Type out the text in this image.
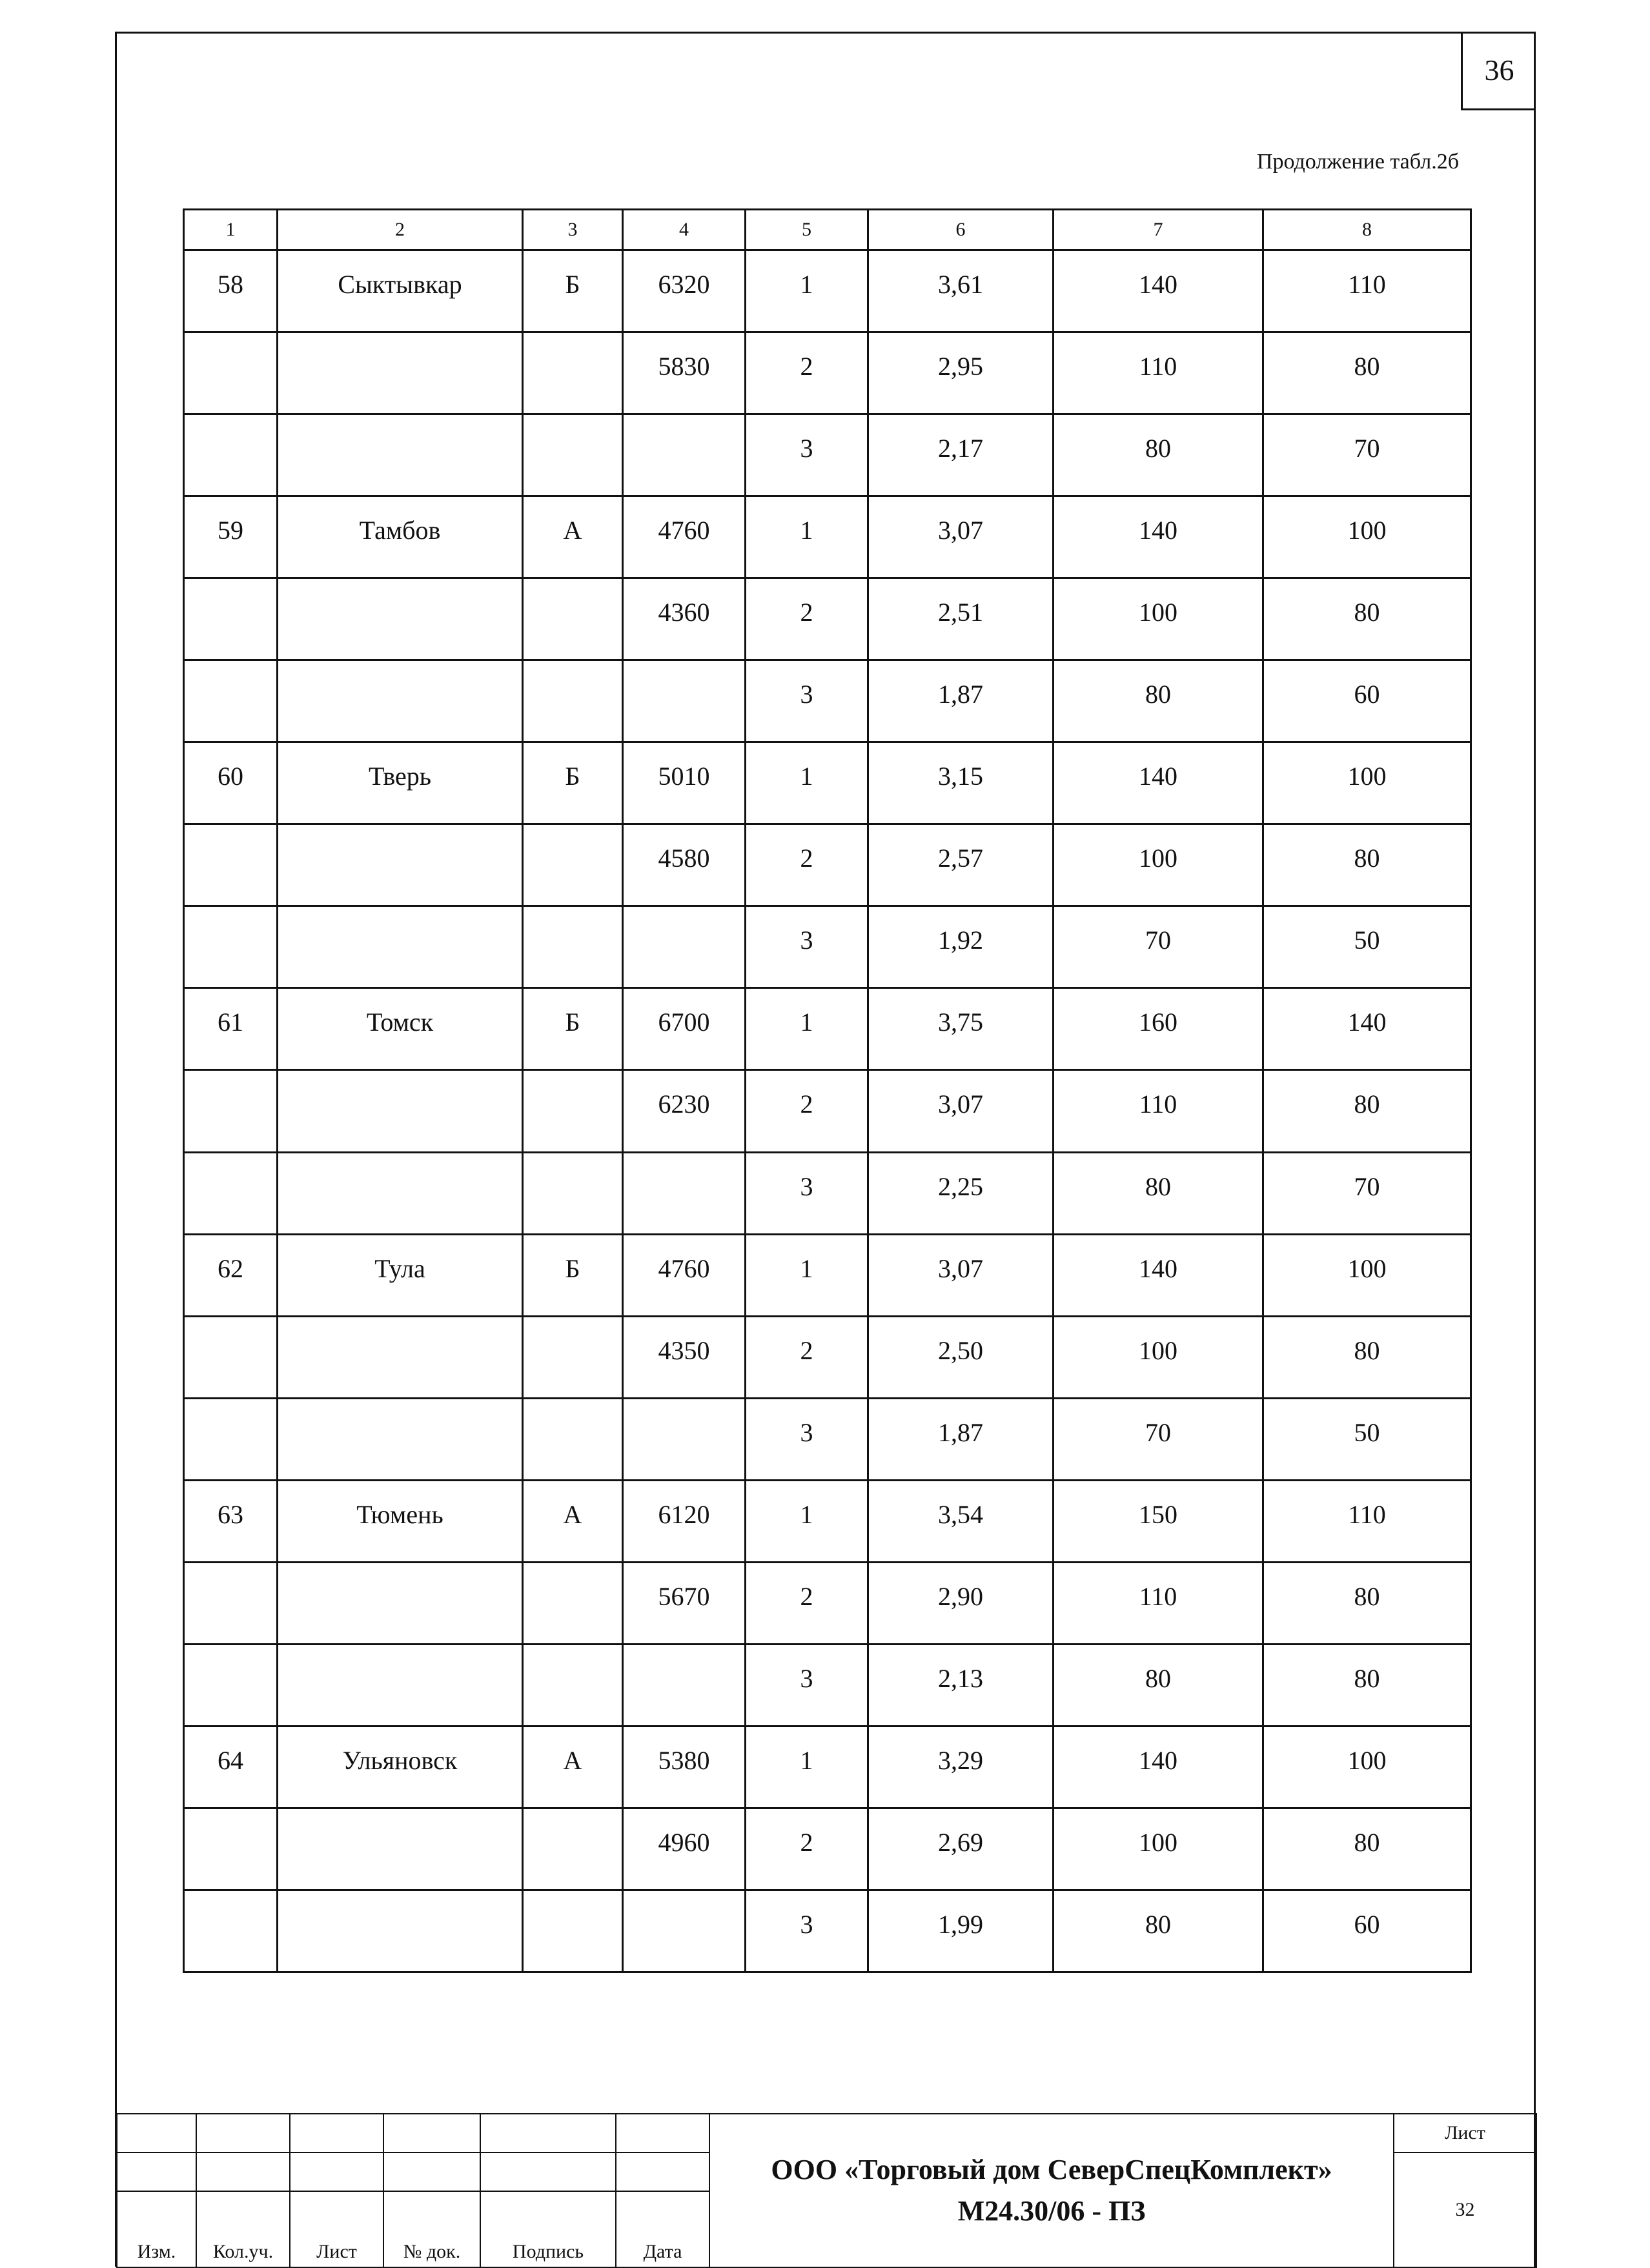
36
Продолжение табл.2б
1	2	3	4	5	6	7	8
58	Сыктывкар	Б	6320	1	3,61	140	110
			5830	2	2,95	110	80
				3	2,17	80	70
59	Тамбов	А	4760	1	3,07	140	100
			4360	2	2,51	100	80
				3	1,87	80	60
60	Тверь	Б	5010	1	3,15	140	100
			4580	2	2,57	100	80
				3	1,92	70	50
61	Томск	Б	6700	1	3,75	160	140
			6230	2	3,07	110	80
				3	2,25	80	70
62	Тула	Б	4760	1	3,07	140	100
			4350	2	2,50	100	80
				3	1,87	70	50
63	Тюмень	А	6120	1	3,54	150	110
			5670	2	2,90	110	80
				3	2,13	80	80
64	Ульяновск	А	5380	1	3,29	140	100
			4960	2	2,69	100	80
				3	1,99	80	60

						ООО «Торговый дом СеверСпецКомплект»
М24.30/06 - ПЗ	Лист
							32
Изм.	Кол.уч.	Лист	№ док.	Подпись	Дата		
